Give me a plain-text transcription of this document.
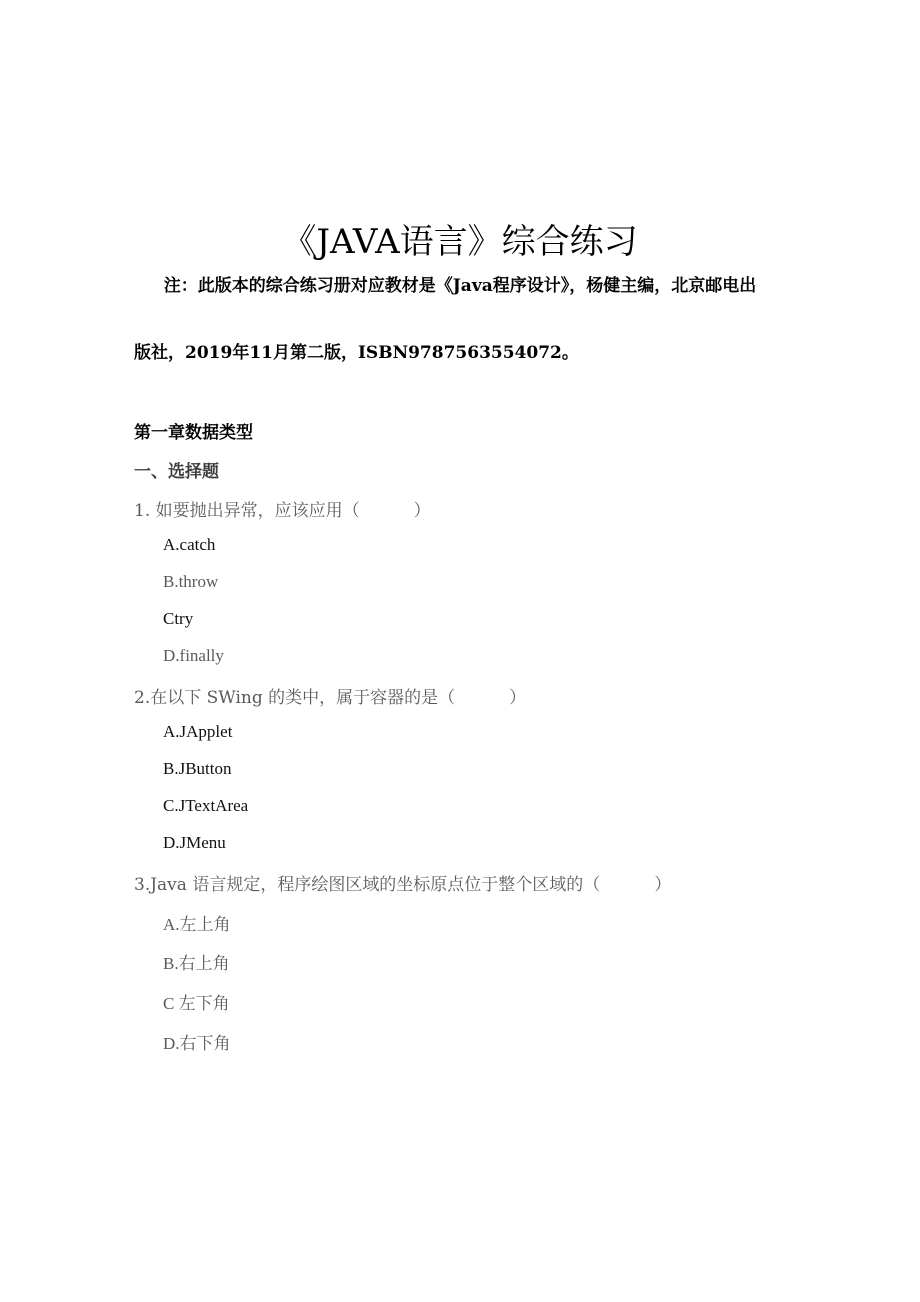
《JAVA语言》综合练习
注：此版本的综合练习册对应教材是《Java程序设计》，杨健主编，北京邮电出
版社，2019年11月第二版，ISBN9787563554072。
第一章数据类型
一、选择题
1. 如要抛出异常，应该应用（          ）
A.catch
B.throw
Ctry
D.finally
2.在以下 SWing 的类中，属于容器的是（          ）
A.JApplet
B.JButton
C.JTextArea
D.JMenu
3.Java 语言规定，程序绘图区域的坐标原点位于整个区域的（          ）
A.左上角
B.右上角
C 左下角
D.右下角
